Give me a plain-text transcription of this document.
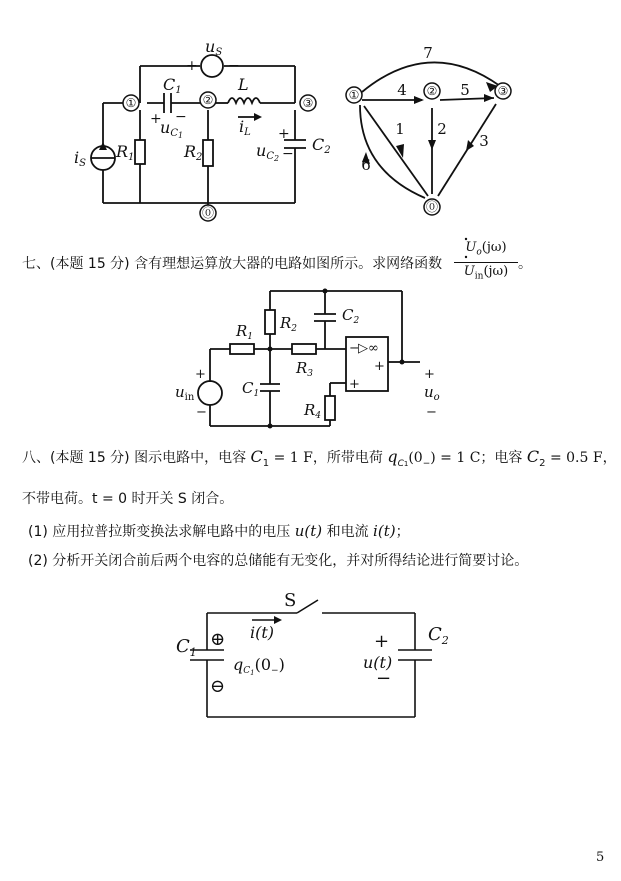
①	②	③
⓪
uS
C1	L
uC1	iL
iS
R1	R2	uC2
C2
+ −
+ −
+
−
①	②	③
⓪
7
4	5
1 2
3
6
七、(本题 15 分) 含有理想运算放大器的电路如图所示。求网络函数
$U_o(j\omega)$
$U_{in}(j\omega)$ 。
$R_1$
$R_2$
$C_2$
$R_3$
$C_1$
$R_4$
$u_{in}$	$u_o$
+
−
+
−
−
+
+
▷∞
八、(本题 15 分) 图示电路中，电容 $C_1 = 1$ F，所带电荷 $q_{C1}(0_-) = 1$ C；电容 $C_2 = 0.5$ F，
不带电荷。t = 0 时开关 S 闭合。
(1) 应用拉普拉斯变换法求解电路中的电压 u(t) 和电流 i(t)；
(2) 分析开关闭合前后两个电容的总储能有无变化，并对所得结论进行简要讨论。
S
$C_1$
$C_2$
⊕
⊖
+
−
i(t)
u(t)
qC1(0−)
5
